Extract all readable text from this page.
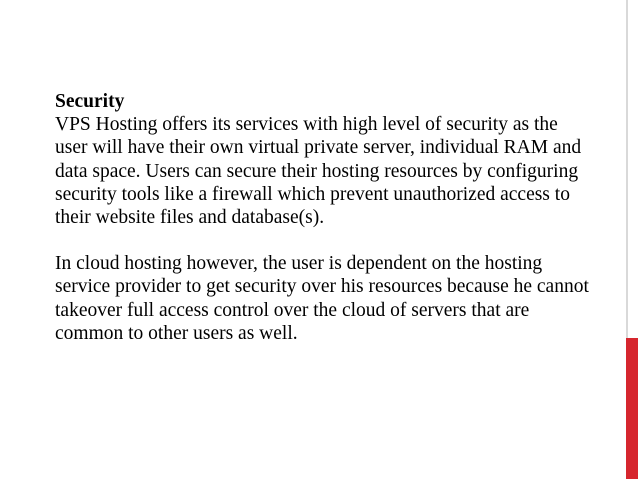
Security

VPS Hosting offers its services with high level of security as the user will have their own virtual private server, individual RAM and data space. Users can secure their hosting resources by configuring security tools like a firewall which prevent unauthorized access to their website files and database(s).

In cloud hosting however, the user is dependent on the hosting service provider to get security over his resources because he cannot takeover full access control over the cloud of servers that are common to other users as well.
